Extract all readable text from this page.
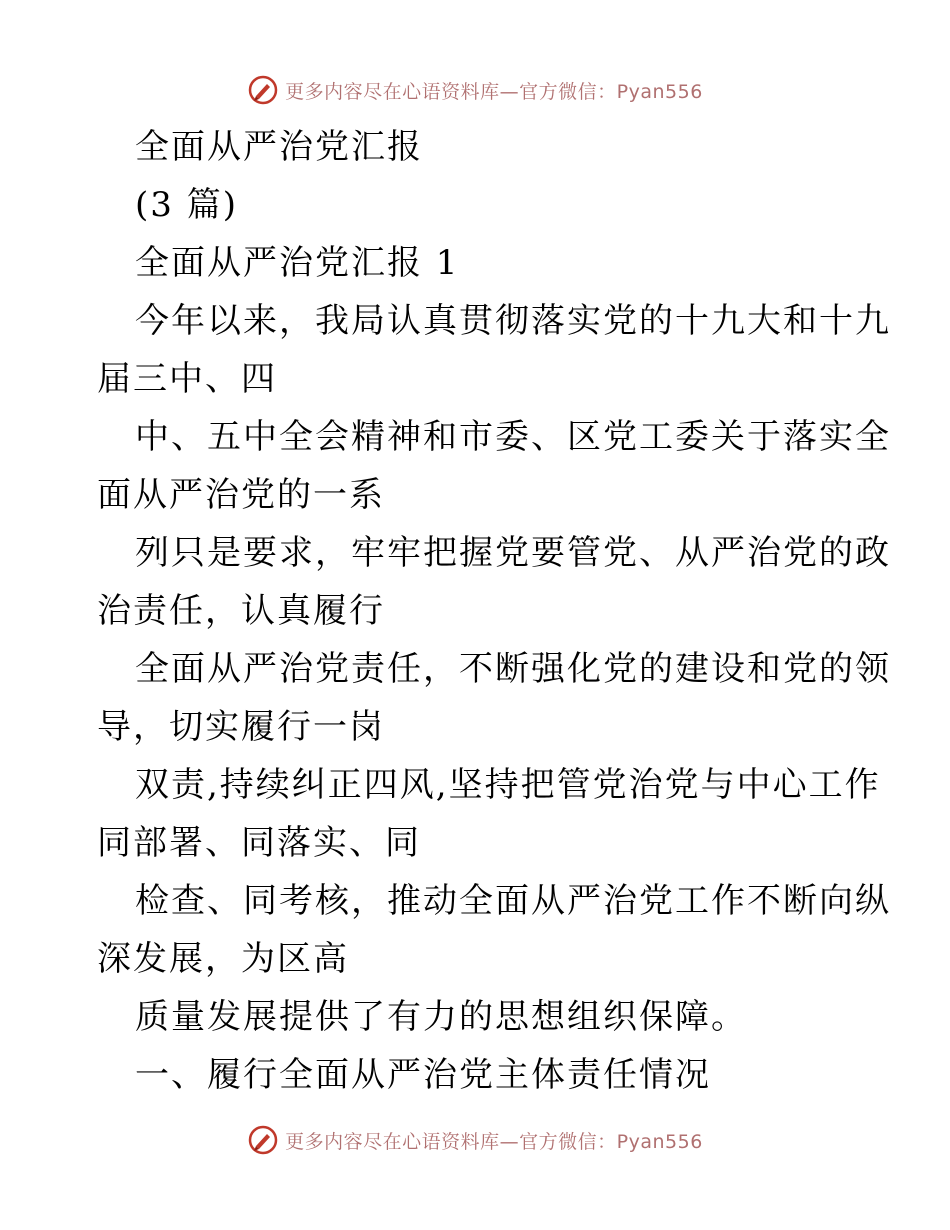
更多内容尽在心语资料库—官方微信：Pyan556
全面从严治党汇报
(3 篇)
全面从严治党汇报 1
今年以来，我局认真贯彻落实党的十九大和十九
届三中、四
中、五中全会精神和市委、区党工委关于落实全
面从严治党的一系
列只是要求，牢牢把握党要管党、从严治党的政
治责任，认真履行
全面从严治党责任，不断强化党的建设和党的领
导，切实履行一岗
双责,持续纠正四风,坚持把管党治党与中心工作
同部署、同落实、同
检查、同考核，推动全面从严治党工作不断向纵
深发展，为区高
质量发展提供了有力的思想组织保障。
一、履行全面从严治党主体责任情况
更多内容尽在心语资料库—官方微信：Pyan556
